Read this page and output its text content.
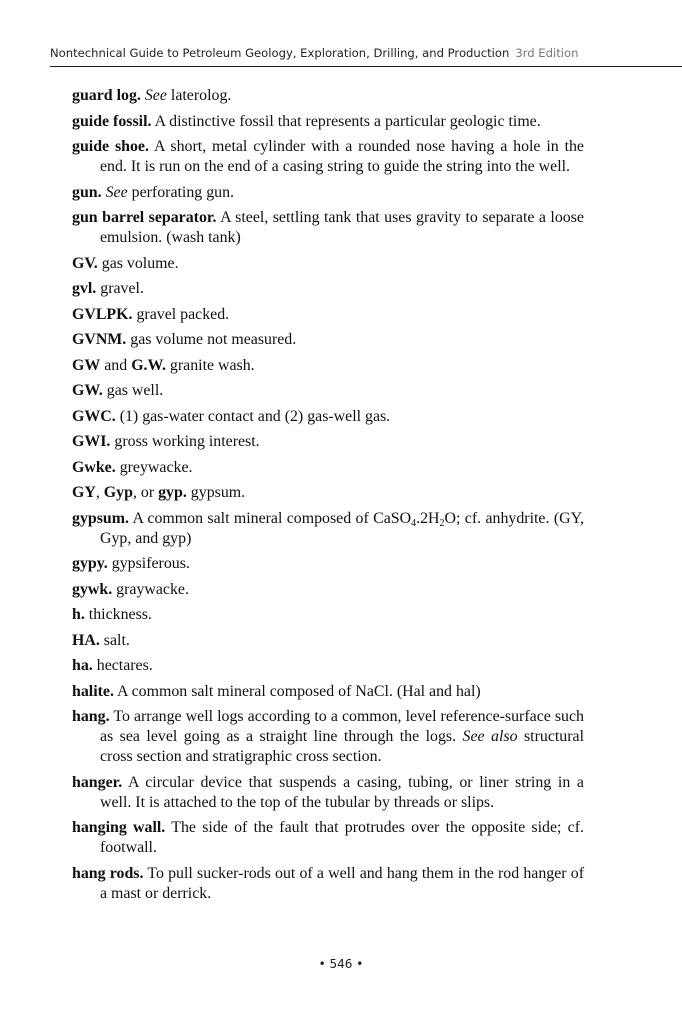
Nontechnical Guide to Petroleum Geology, Exploration, Drilling, and Production 3rd Edition

guard log. See laterolog.

guide fossil. A distinctive fossil that represents a particular geologic time.

guide shoe. A short, metal cylinder with a rounded nose having a hole in the end. It is run on the end of a casing string to guide the string into the well.

gun. See perforating gun.

gun barrel separator. A steel, settling tank that uses gravity to separate a loose emulsion. (wash tank)

GV. gas volume.

gvl. gravel.

GVLPK. gravel packed.

GVNM. gas volume not measured.

GW and G.W. granite wash.

GW. gas well.

GWC. (1) gas-water contact and (2) gas-well gas.

GWI. gross working interest.

Gwke. greywacke.

GY, Gyp, or gyp. gypsum.

gypsum. A common salt mineral composed of $CaSO_4.2H_2O$; cf. anhydrite. (GY, Gyp, and gyp)

gypy. gypsiferous.

gywk. graywacke.

h. thickness.

HA. salt.

ha. hectares.

halite. A common salt mineral composed of NaCl. (Hal and hal)

hang. To arrange well logs according to a common, level reference-surface such as sea level going as a straight line through the logs. See also structural cross section and stratigraphic cross section.

hanger. A circular device that suspends a casing, tubing, or liner string in a well. It is attached to the top of the tubular by threads or slips.

hanging wall. The side of the fault that protrudes over the opposite side; cf. footwall.

hang rods. To pull sucker-rods out of a well and hang them in the rod hanger of a mast or derrick.

• 546 •
